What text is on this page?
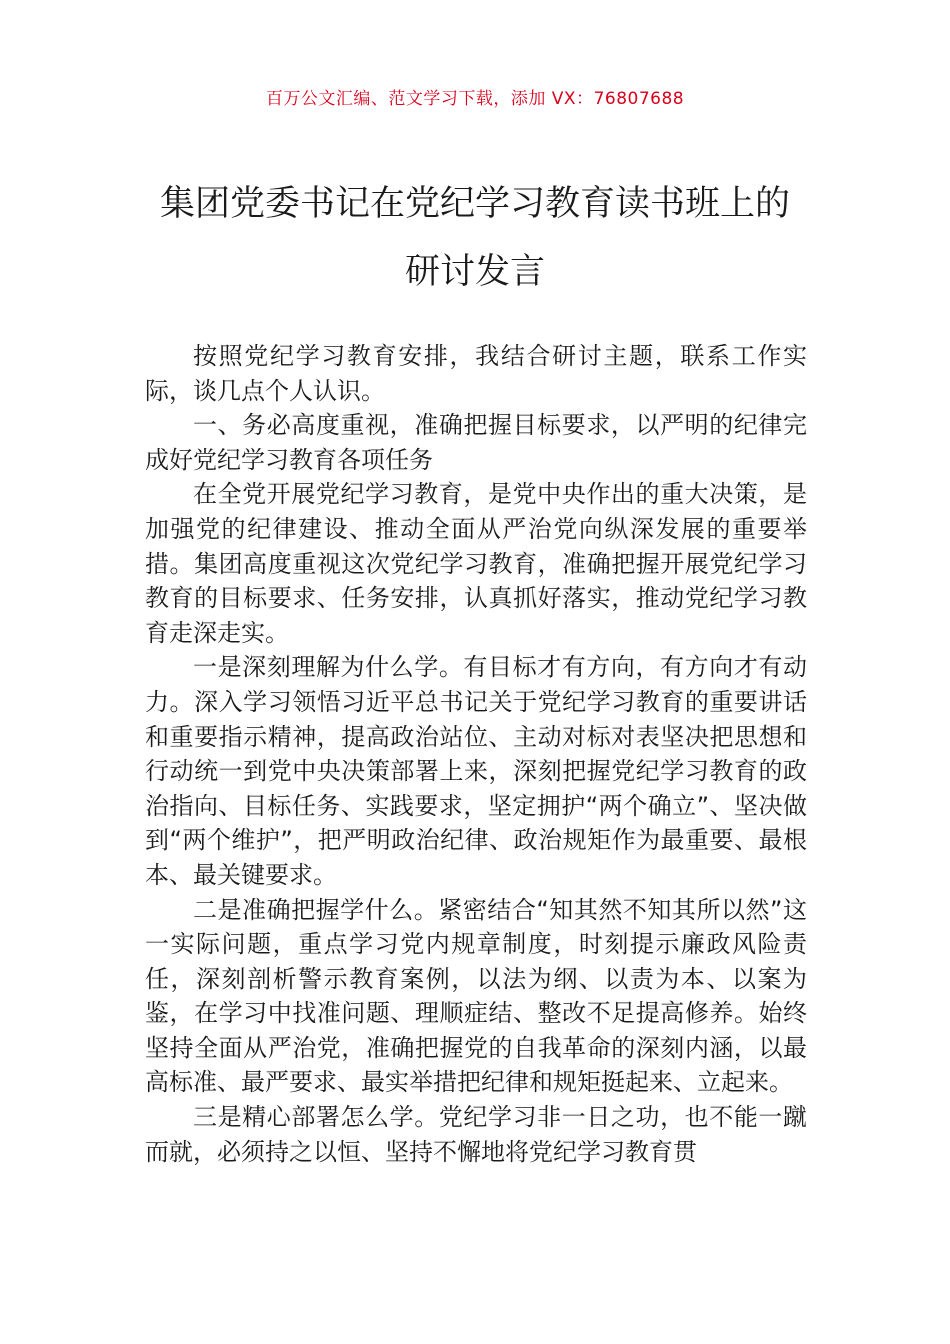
百万公文汇编、范文学习下载，添加 VX：76807688
集团党委书记在党纪学习教育读书班上的
研讨发言

按照党纪学习教育安排，我结合研讨主题，联系工作实际，谈几点个人认识。

一、务必高度重视，准确把握目标要求，以严明的纪律完成好党纪学习教育各项任务

在全党开展党纪学习教育，是党中央作出的重大决策，是加强党的纪律建设、推动全面从严治党向纵深发展的重要举措。集团高度重视这次党纪学习教育，准确把握开展党纪学习教育的目标要求、任务安排，认真抓好落实，推动党纪学习教育走深走实。

一是深刻理解为什么学。有目标才有方向，有方向才有动力。深入学习领悟习近平总书记关于党纪学习教育的重要讲话和重要指示精神，提高政治站位、主动对标对表坚决把思想和行动统一到党中央决策部署上来，深刻把握党纪学习教育的政治指向、目标任务、实践要求，坚定拥护“两个确立”、坚决做到“两个维护”，把严明政治纪律、政治规矩作为最重要、最根本、最关键要求。

二是准确把握学什么。紧密结合“知其然不知其所以然”这一实际问题，重点学习党内规章制度，时刻提示廉政风险责任，深刻剖析警示教育案例，以法为纲、以责为本、以案为鉴，在学习中找准问题、理顺症结、整改不足提高修养。始终坚持全面从严治党，准确把握党的自我革命的深刻内涵，以最高标准、最严要求、最实举措把纪律和规矩挺起来、立起来。

三是精心部署怎么学。党纪学习非一日之功，也不能一蹴而就，必须持之以恒、坚持不懈地将党纪学习教育贯
